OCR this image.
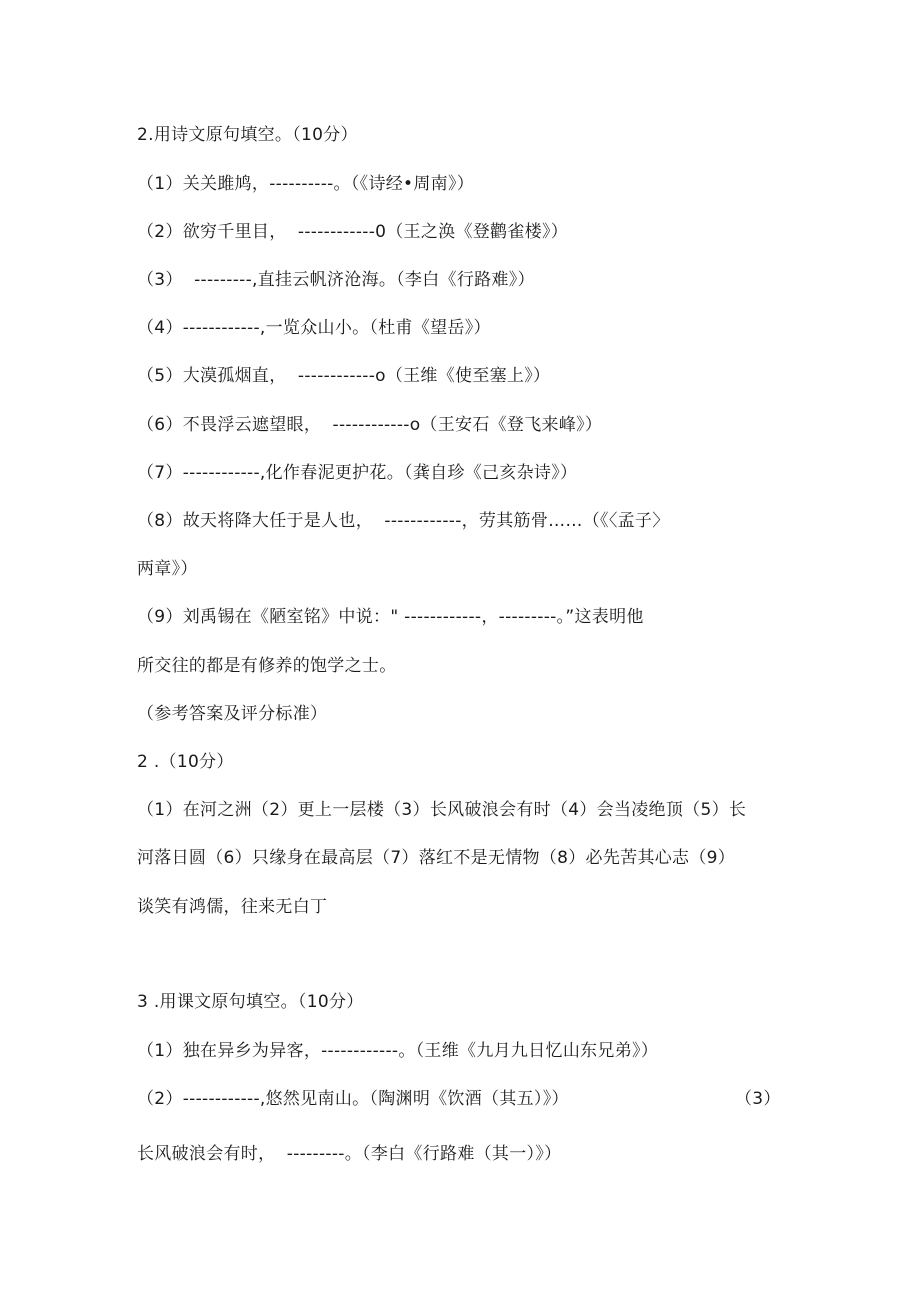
2.用诗文原句填空。（10分）
（1）关关雎鸠，----------。（《诗经•周南》）
（2）欲穷千里目，  ------------0（王之涣《登鹳雀楼》）
（3）  ---------,直挂云帆济沧海。（李白《行路难》）
（4）------------,一览众山小。（杜甫《望岳》）
（5）大漠孤烟直，  ------------o（王维《使至塞上》）
（6）不畏浮云遮望眼，  ------------o（王安石《登飞来峰》）
（7）------------,化作春泥更护花。（龚自珍《己亥杂诗》）
（8）故天将降大任于是人也，  ------------，劳其筋骨……（《〈孟子〉
两章》）
（9）刘禹锡在《陋室铭》中说：" ------------，---------。”这表明他
所交往的都是有修养的饱学之士。
（参考答案及评分标准）
2 .（10分）
（1）在河之洲（2）更上一层楼（3）长风破浪会有时（4）会当凌绝顶（5）长
河落日圆（6）只缘身在最高层（7）落红不是无情物（8）必先苦其心志（9）
谈笑有鸿儒，往来无白丁
3 .用课文原句填空。（10分）
（1）独在异乡为异客，------------。（王维《九月九日忆山东兄弟》）
（2）------------,悠然见南山。（陶渊明《饮酒（其五）》）	（3）
长风破浪会有时，  ---------。（李白《行路难（其一）》）
